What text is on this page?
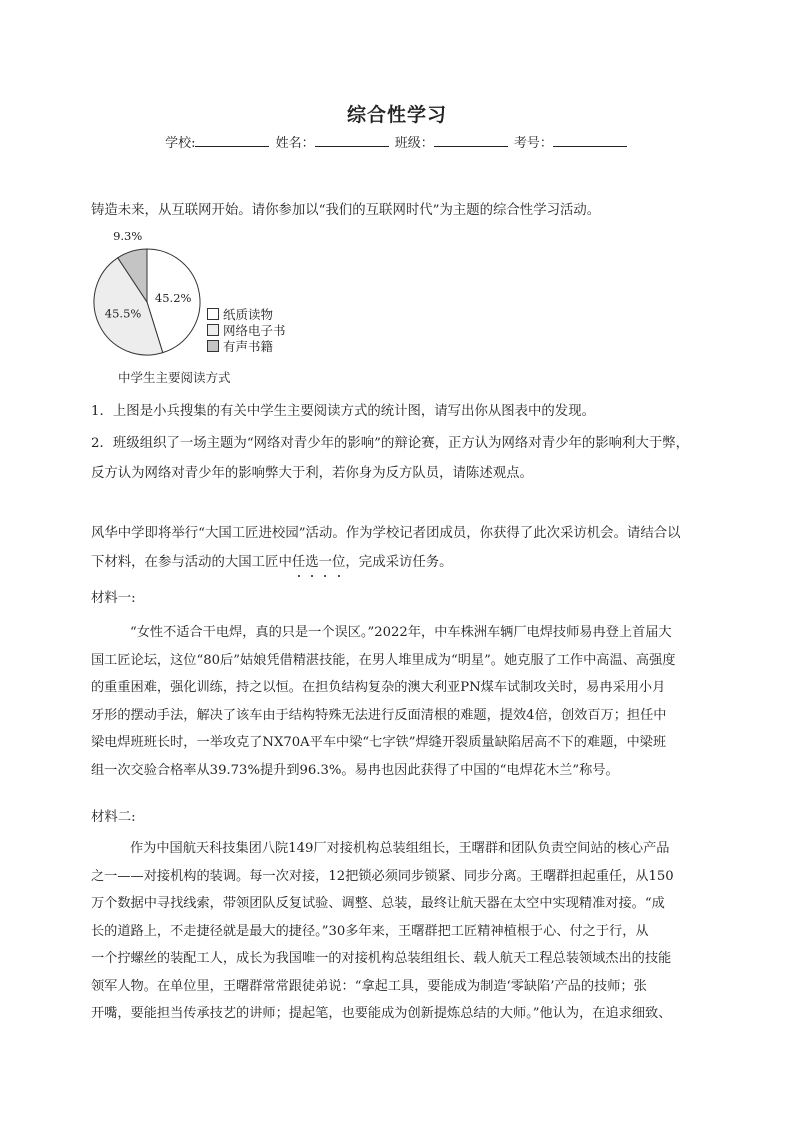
综合性学习
学校:	姓名：	班级：	考号：
铸造未来，从互联网开始。请你参加以“我们的互联网时代”为主题的综合性学习活动。
45.2%
45.5%
9.3%
纸质读物
网络电子书
有声书籍
中学生主要阅读方式
1．上图是小兵搜集的有关中学生主要阅读方式的统计图，请写出你从图表中的发现。
2．班级组织了一场主题为“网络对青少年的影响”的辩论赛，正方认为网络对青少年的影响利大于弊，
反方认为网络对青少年的影响弊大于利，若你身为反方队员，请陈述观点。
风华中学即将举行“大国工匠进校园”活动。作为学校记者团成员，你获得了此次采访机会。请结合以
下材料，在参与活动的大国工匠中任选一位，完成采访任务。
材料一:
“女性不适合干电焊，真的只是一个误区。”2022年，中车株洲车辆厂电焊技师易冉登上首届大
国工匠论坛，这位“80后”姑娘凭借精湛技能，在男人堆里成为“明星”。她克服了工作中高温、高强度
的重重困难，强化训练，持之以恒。在担负结构复杂的澳大利亚PN煤车试制攻关时，易冉采用小月
牙形的摆动手法，解决了该车由于结构特殊无法进行反面清根的难题，提效4倍，创效百万；担任中
梁电焊班班长时，一举攻克了NX70A平车中梁“七字铁”焊缝开裂质量缺陷居高不下的难题，中梁班
组一次交验合格率从39.73%提升到96.3%。易冉也因此获得了中国的“电焊花木兰”称号。
材料二:
作为中国航天科技集团八院149厂对接机构总装组组长，王曙群和团队负责空间站的核心产品
之一——对接机构的装调。每一次对接，12把锁必须同步锁紧、同步分离。王曙群担起重任，从150
万个数据中寻找线索，带领团队反复试验、调整、总装，最终让航天器在太空中实现精准对接。“成
长的道路上，不走捷径就是最大的捷径。”30多年来，王曙群把工匠精神植根于心、付之于行，从
一个拧螺丝的装配工人，成长为我国唯一的对接机构总装组组长、载人航天工程总装领域杰出的技能
领军人物。在单位里，王曙群常常跟徒弟说：“拿起工具，要能成为制造‘零缺陷’产品的技师；张
开嘴，要能担当传承技艺的讲师；提起笔，也要能成为创新提炼总结的大师。”他认为，在追求细致、
